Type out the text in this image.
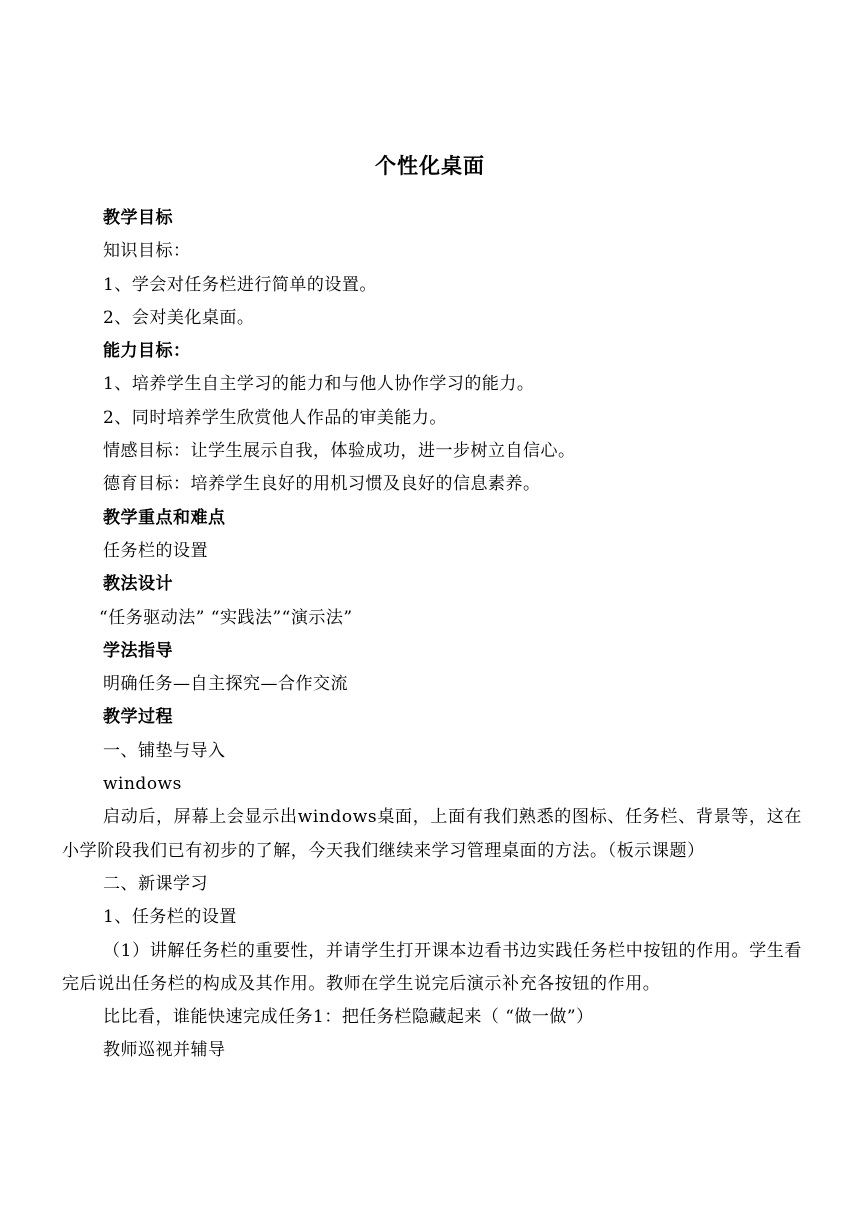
个性化桌面

教学目标

知识目标：

1、学会对任务栏进行简单的设置。

2、会对美化桌面。

能力目标：

1、培养学生自主学习的能力和与他人协作学习的能力。

2、同时培养学生欣赏他人作品的审美能力。

情感目标：让学生展示自我，体验成功，进一步树立自信心。

德育目标：培养学生良好的用机习惯及良好的信息素养。

教学重点和难点

任务栏的设置

教法设计

“任务驱动法” “实践法”“演示法”

学法指导

明确任务—自主探究—合作交流

教学过程

一、铺垫与导入

windows

启动后，屏幕上会显示出windows桌面，上面有我们熟悉的图标、任务栏、背景等，这在小学阶段我们已有初步的了解，今天我们继续来学习管理桌面的方法。（板示课题）

二、新课学习

1、任务栏的设置

（1）讲解任务栏的重要性，并请学生打开课本边看书边实践任务栏中按钮的作用。学生看完后说出任务栏的构成及其作用。教师在学生说完后演示补充各按钮的作用。

比比看，谁能快速完成任务1：把任务栏隐藏起来（ “做一做”）

教师巡视并辅导
